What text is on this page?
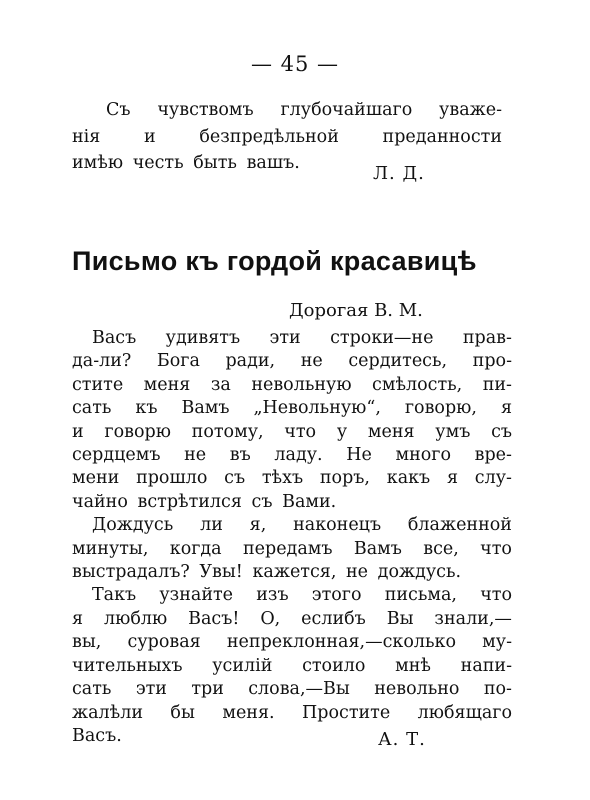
— 45 —
Съ чувствомъ глубочайшаго уваже-
нія и безпредѣльной преданности
имѣю честь быть вашъ.	Л. Д.
Письмо къ гордой красавицѣ
Дорогая В. М.
Васъ удивятъ эти строки—не прав-
да-ли? Бога ради, не сердитесь, про-
стите меня за невольную смѣлость, пи-
сать къ Вамъ „Невольную“, говорю, я
и говорю потому, что у меня умъ съ
сердцемъ не въ ладу. Не много вре-
мени прошло съ тѣхъ поръ, какъ я слу-
чайно встрѣтился съ Вами.
Дождусь ли я, наконецъ блаженной
минуты, когда передамъ Вамъ все, что
выстрадалъ? Увы! кажется, не дождусь.
Такъ узнайте изъ этого письма, что
я люблю Васъ! О, еслибъ Вы знали,—
вы, суровая непреклонная,—сколько му-
чительныхъ усилій стоило мнѣ напи-
сать эти три слова,—Вы невольно по-
жалѣли бы меня. Простите любящаго
Васъ.	А. Т.
